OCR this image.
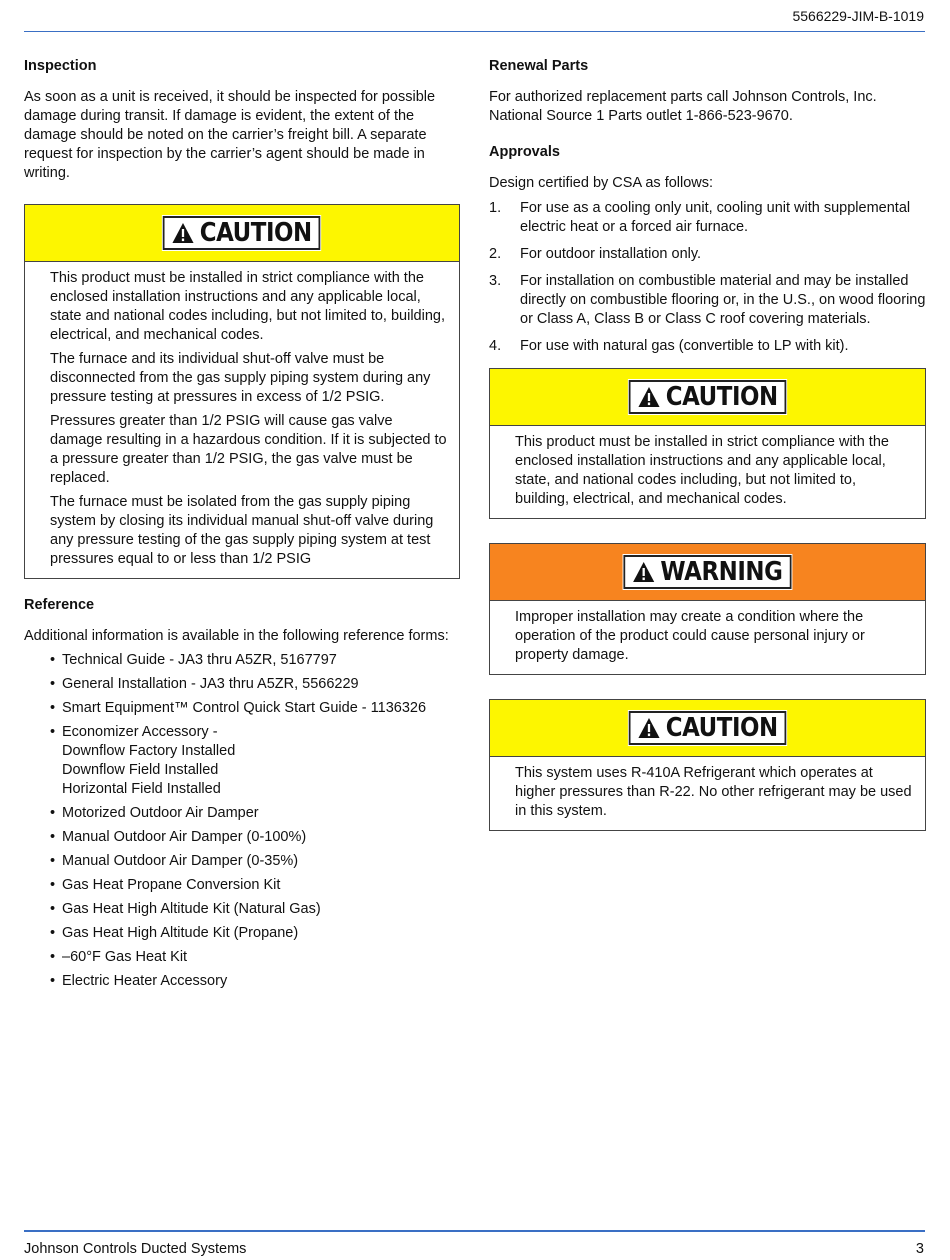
5566229-JIM-B-1019
Inspection

As soon as a unit is received, it should be inspected for possible damage during transit. If damage is evident, the extent of the damage should be noted on the carrier’s freight bill. A separate request for inspection by the carrier’s agent should be made in writing.

CAUTION

This product must be installed in strict compliance with the enclosed installation instructions and any applicable local, state and national codes including, but not limited to, building, electrical, and mechanical codes.

The furnace and its individual shut-off valve must be disconnected from the gas supply piping system during any pressure testing at pressures in excess of 1/2 PSIG.

Pressures greater than 1/2 PSIG will cause gas valve damage resulting in a hazardous condition. If it is subjected to a pressure greater than 1/2 PSIG, the gas valve must be replaced.

The furnace must be isolated from the gas supply piping system by closing its individual manual shut-off valve during any pressure testing of the gas supply piping system at test pressures equal to or less than 1/2 PSIG

Reference

Additional information is available in the following reference forms:

• Technical Guide - JA3 thru A5ZR, 5167797
• General Installation - JA3 thru A5ZR, 5566229
• Smart Equipment™ Control Quick Start Guide - 1136326
• Economizer Accessory -
Downflow Factory Installed
Downflow Field Installed
Horizontal Field Installed
• Motorized Outdoor Air Damper
• Manual Outdoor Air Damper (0-100%)
• Manual Outdoor Air Damper (0-35%)
• Gas Heat Propane Conversion Kit
• Gas Heat High Altitude Kit (Natural Gas)
• Gas Heat High Altitude Kit (Propane)
• –60°F Gas Heat Kit
• Electric Heater Accessory
Renewal Parts

For authorized replacement parts call Johnson Controls, Inc. National Source 1 Parts outlet 1-866-523-9670.

Approvals

Design certified by CSA as follows:

1.	For use as a cooling only unit, cooling unit with supplemental electric heat or a forced air furnace.
2.	For outdoor installation only.
3.	For installation on combustible material and may be installed directly on combustible flooring or, in the U.S., on wood flooring or Class A, Class B or Class C roof covering materials.
4.	For use with natural gas (convertible to LP with kit).
CAUTION

This product must be installed in strict compliance with the enclosed installation instructions and any applicable local, state, and national codes including, but not limited to, building, electrical, and mechanical codes.

WARNING

Improper installation may create a condition where the operation of the product could cause personal injury or property damage.

CAUTION

This system uses R-410A Refrigerant which operates at higher pressures than R-22. No other refrigerant may be used in this system.

Johnson Controls Ducted Systems	3
